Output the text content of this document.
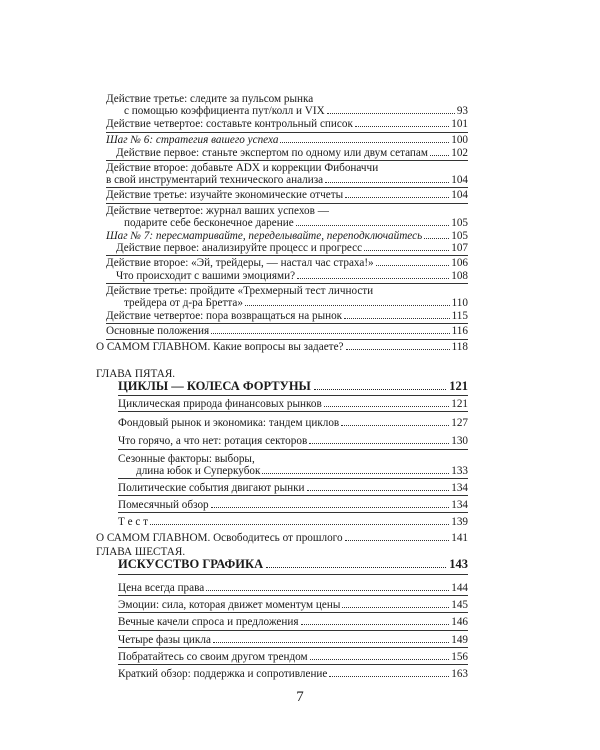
Действие третье: следите за пульсом рынка
с помощью коэффициента пут/колл и VIX	93
Действие четвертое: составьте контрольный список	101
Шаг № 6: стратегия вашего успеха	100
Действие первое: станьте экспертом по одному или двум сетапам 102
Действие второе: добавьте ADX и коррекции Фибоначчи
в свой инструментарий технического анализа	104
Действие третье: изучайте экономические отчеты	104
Действие четвертое: журнал ваших успехов —
подарите себе бесконечное дарение	105
Шаг № 7: пересматривайте, переделывайте, переподключайтесь	105
Действие первое: анализируйте процесс и прогресс	107
Действие второе: «Эй, трейдеры, — настал час страха!»	106
Что происходит с вашими эмоциями?	108
Действие третье: пройдите «Трехмерный тест личности
трейдера от д-ра Бретта»	110
Действие четвертое: пора возвращаться на рынок	115
Основные положения	116
О САМОМ ГЛАВНОМ. Какие вопросы вы задаете?	118
ГЛАВА ПЯТАЯ.
ЦИКЛЫ — КОЛЕСА ФОРТУНЫ	121
Циклическая природа финансовых рынков	121
Фондовый рынок и экономика: тандем циклов	127
Что горячо, а что нет: ротация секторов	130
Сезонные факторы: выборы,
длина юбок и Суперкубок	133
Политические события двигают рынки	134
Помесячный обзор	134
Т е с т	139
О САМОМ ГЛАВНОМ. Освободитесь от прошлого	141
ГЛАВА ШЕСТАЯ.
ИСКУССТВО ГРАФИКА	143
Цена всегда права	144
Эмоции: сила, которая движет моментум цены	145
Вечные качели спроса и предложения	146
Четыре фазы цикла	149
Побратайтесь со своим другом трендом	156
Краткий обзор: поддержка и сопротивление	163
7
